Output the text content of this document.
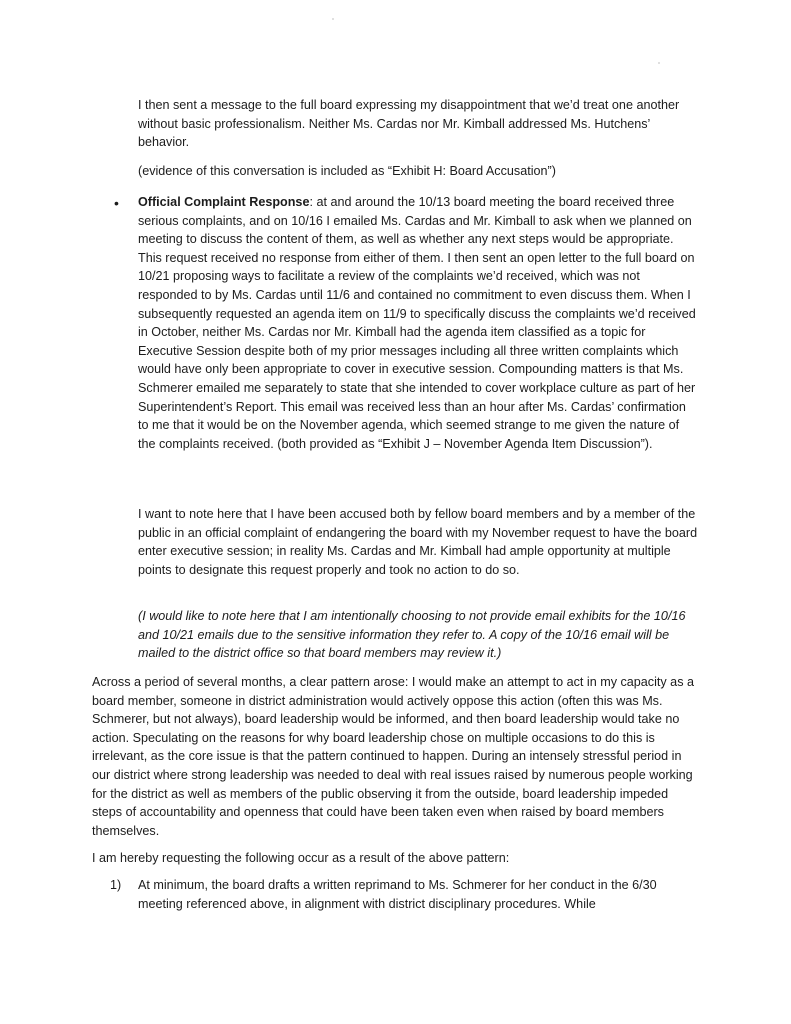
I then sent a message to the full board expressing my disappointment that we’d treat one another without basic professionalism. Neither Ms. Cardas nor Mr. Kimball addressed Ms. Hutchens’ behavior.

(evidence of this conversation is included as “Exhibit H: Board Accusation”)

• Official Complaint Response: at and around the 10/13 board meeting the board received three serious complaints, and on 10/16 I emailed Ms. Cardas and Mr. Kimball to ask when we planned on meeting to discuss the content of them, as well as whether any next steps would be appropriate. This request received no response from either of them. I then sent an open letter to the full board on 10/21 proposing ways to facilitate a review of the complaints we’d received, which was not responded to by Ms. Cardas until 11/6 and contained no commitment to even discuss them. When I subsequently requested an agenda item on 11/9 to specifically discuss the complaints we’d received in October, neither Ms. Cardas nor Mr. Kimball had the agenda item classified as a topic for Executive Session despite both of my prior messages including all three written complaints which would have only been appropriate to cover in executive session. Compounding matters is that Ms. Schmerer emailed me separately to state that she intended to cover workplace culture as part of her Superintendent’s Report. This email was received less than an hour after Ms. Cardas’ confirmation to me that it would be on the November agenda, which seemed strange to me given the nature of the complaints received. (both provided as “Exhibit J – November Agenda Item Discussion”).

I want to note here that I have been accused both by fellow board members and by a member of the public in an official complaint of endangering the board with my November request to have the board enter executive session; in reality Ms. Cardas and Mr. Kimball had ample opportunity at multiple points to designate this request properly and took no action to do so.

(I would like to note here that I am intentionally choosing to not provide email exhibits for the 10/16 and 10/21 emails due to the sensitive information they refer to. A copy of the 10/16 email will be mailed to the district office so that board members may review it.)

Across a period of several months, a clear pattern arose: I would make an attempt to act in my capacity as a board member, someone in district administration would actively oppose this action (often this was Ms. Schmerer, but not always), board leadership would be informed, and then board leadership would take no action. Speculating on the reasons for why board leadership chose on multiple occasions to do this is irrelevant, as the core issue is that the pattern continued to happen. During an intensely stressful period in our district where strong leadership was needed to deal with real issues raised by numerous people working for the district as well as members of the public observing it from the outside, board leadership impeded steps of accountability and openness that could have been taken even when raised by board members themselves.

I am hereby requesting the following occur as a result of the above pattern:

1) At minimum, the board drafts a written reprimand to Ms. Schmerer for her conduct in the 6/30 meeting referenced above, in alignment with district disciplinary procedures. While
